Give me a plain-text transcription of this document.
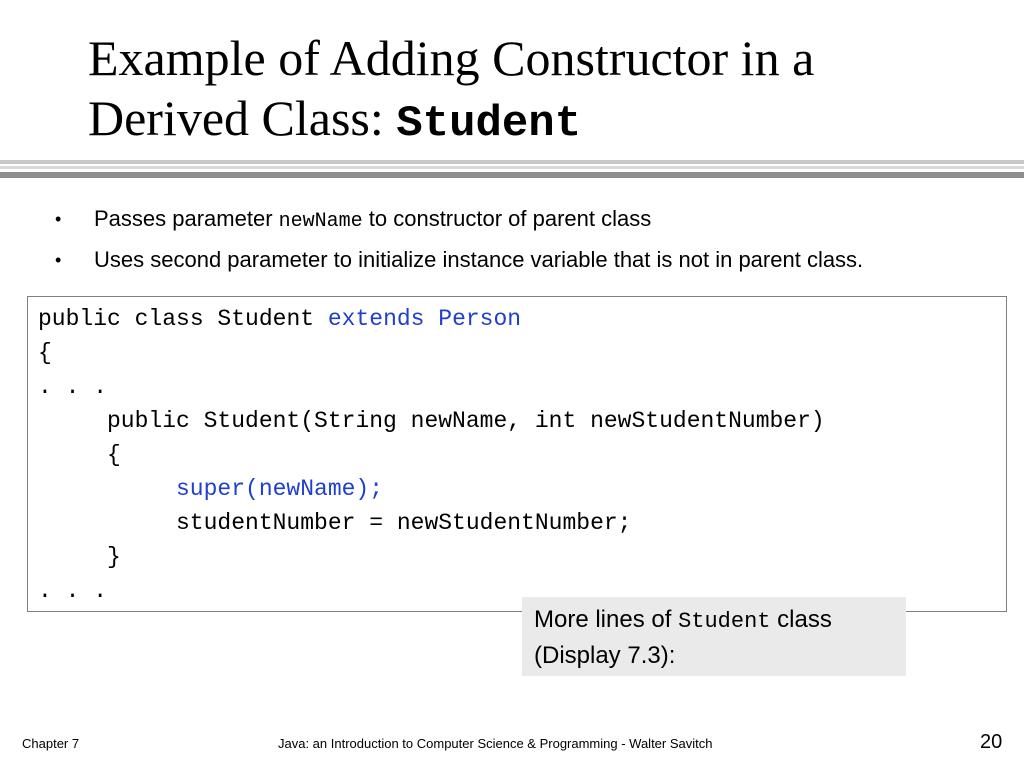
Example of Adding Constructor in a
Derived Class: Student
• Passes parameter newName to constructor of parent class
• Uses second parameter to initialize instance variable that is not in parent class.
public class Student extends Person
{
. . .
public Student(String newName, int newStudentNumber)
{
super(newName);
studentNumber = newStudentNumber;
}
. . .
More lines of Student class
(Display 7.3):
Chapter 7	Java: an Introduction to Computer Science & Programming - Walter Savitch	20
